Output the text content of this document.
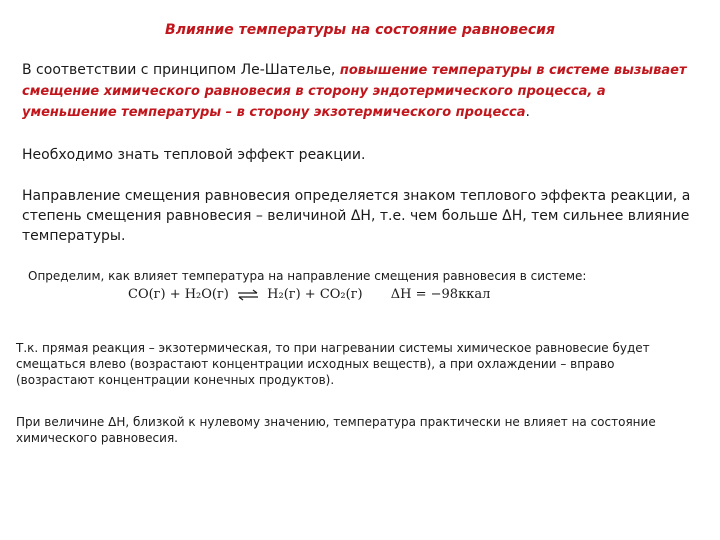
Влияние температуры на состояние равновесия
В соответствии с принципом Ле-Шателье, повышение температуры в системе вызывает смещение химического равновесия в сторону эндотермического процесса, а уменьшение температуры – в сторону экзотермического процесса.
Необходимо знать тепловой эффект реакции.
Направление смещения равновесия определяется знаком теплового эффекта реакции, а степень смещения равновесия – величиной ΔH, т.е. чем больше ΔH, тем сильнее влияние температуры.
Определим, как влияет температура на направление смещения равновесия в системе:
CO(г) + H₂O(г) ⇌ H₂(г) + CO₂(г) ΔH = −98ккал
Т.к. прямая реакция – экзотермическая, то при нагревании системы химическое равновесие будет смещаться влево (возрастают концентрации исходных веществ), а при охлаждении – вправо (возрастают концентрации конечных продуктов).
При величине ΔH, близкой к нулевому значению, температура практически не влияет на состояние химического равновесия.
